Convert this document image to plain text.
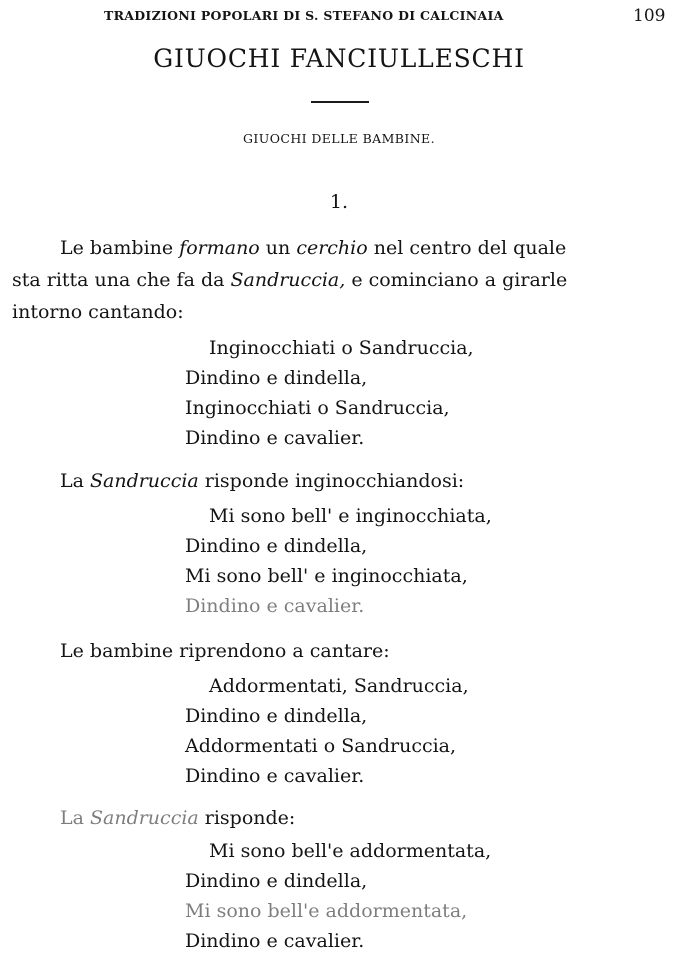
TRADIZIONI POPOLARI DI S. STEFANO DI CALCINAIA	109
GIUOCHI FANCIULLESCHI
GIUOCHI DELLE BAMBINE.
1.
Le bambine formano un cerchio nel centro del quale
sta ritta una che fa da Sandruccia, e cominciano a girarle
intorno cantando:
Inginocchiati o Sandruccia,
Dindino e dindella,
Inginocchiati o Sandruccia,
Dindino e cavalier.
La Sandruccia risponde inginocchiandosi:
Mi sono bell' e inginocchiata,
Dindino e dindella,
Mi sono bell' e inginocchiata,
Dindino e cavalier.
Le bambine riprendono a cantare:
Addormentati, Sandruccia,
Dindino e dindella,
Addormentati o Sandruccia,
Dindino e cavalier.
La Sandruccia risponde:
Mi sono bell'e addormentata,
Dindino e dindella,
Mi sono bell'e addormentata,
Dindino e cavalier.
